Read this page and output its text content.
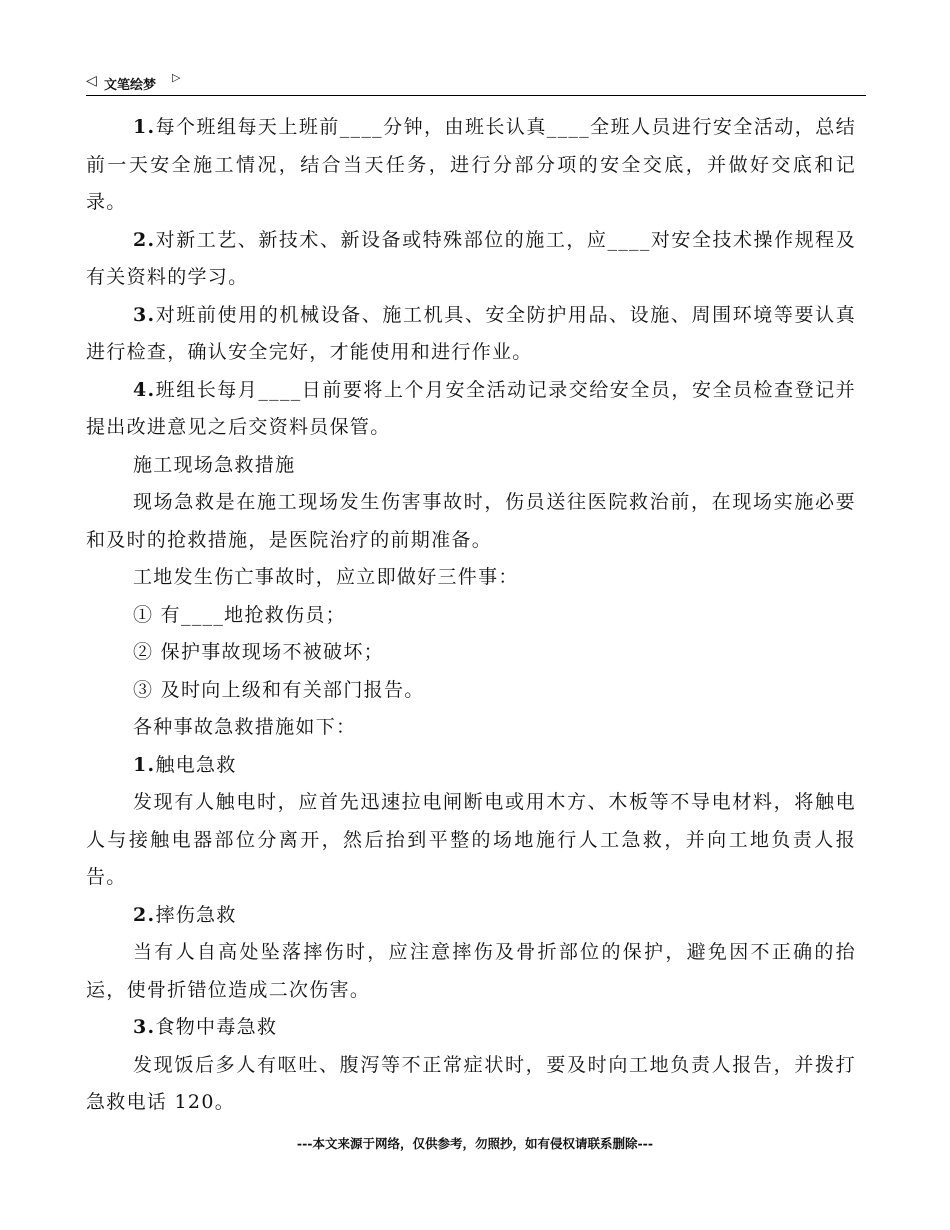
◁ 文笔绘梦
▷

1.每个班组每天上班前____分钟，由班长认真____全班人员进行安全活动，总结前一天安全施工情况，结合当天任务，进行分部分项的安全交底，并做好交底和记录。

2.对新工艺、新技术、新设备或特殊部位的施工，应____对安全技术操作规程及有关资料的学习。

3.对班前使用的机械设备、施工机具、安全防护用品、设施、周围环境等要认真进行检查，确认安全完好，才能使用和进行作业。

4.班组长每月____日前要将上个月安全活动记录交给安全员，安全员检查登记并提出改进意见之后交资料员保管。

施工现场急救措施

现场急救是在施工现场发生伤害事故时，伤员送往医院救治前，在现场实施必要和及时的抢救措施，是医院治疗的前期准备。

工地发生伤亡事故时，应立即做好三件事：

① 有____地抢救伤员；

② 保护事故现场不被破坏；

③ 及时向上级和有关部门报告。

各种事故急救措施如下：

1.触电急救

发现有人触电时，应首先迅速拉电闸断电或用木方、木板等不导电材料，将触电人与接触电器部位分离开，然后抬到平整的场地施行人工急救，并向工地负责人报告。

2.摔伤急救

当有人自高处坠落摔伤时，应注意摔伤及骨折部位的保护，避免因不正确的抬运，使骨折错位造成二次伤害。

3.食物中毒急救

发现饭后多人有呕吐、腹泻等不正常症状时，要及时向工地负责人报告，并拨打急救电话 120。

---本文来源于网络，仅供参考，勿照抄，如有侵权请联系删除---
